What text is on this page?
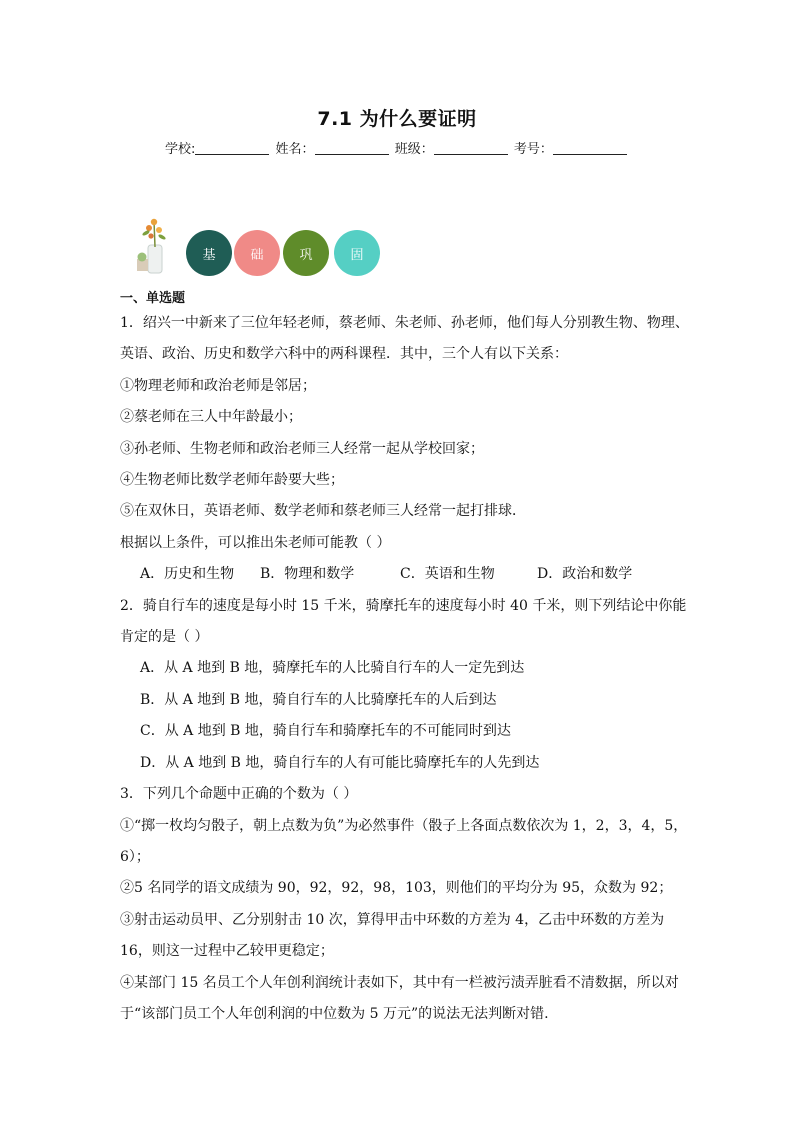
7.1 为什么要证明
学校:	姓名：	班级：	考号：
基	础	巩	固
一、单选题
1．绍兴一中新来了三位年轻老师，蔡老师、朱老师、孙老师，他们每人分别教生物、物理、
英语、政治、历史和数学六科中的两科课程．其中，三个人有以下关系：
①物理老师和政治老师是邻居；
②蔡老师在三人中年龄最小；
③孙老师、生物老师和政治老师三人经常一起从学校回家；
④生物老师比数学老师年龄要大些；
⑤在双休日，英语老师、数学老师和蔡老师三人经常一起打排球．
根据以上条件，可以推出朱老师可能教（ ）
A．历史和生物 B．物理和数学	C．英语和生物	D．政治和数学
2．骑自行车的速度是每小时 15 千米，骑摩托车的速度每小时 40 千米，则下列结论中你能
肯定的是（ ）
A．从 A 地到 B 地，骑摩托车的人比骑自行车的人一定先到达
B．从 A 地到 B 地，骑自行车的人比骑摩托车的人后到达
C．从 A 地到 B 地，骑自行车和骑摩托车的不可能同时到达
D．从 A 地到 B 地，骑自行车的人有可能比骑摩托车的人先到达
3．下列几个命题中正确的个数为（ ）
①“掷一枚均匀骰子，朝上点数为负”为必然事件（骰子上各面点数依次为 1，2，3，4，5，
6）；
②5 名同学的语文成绩为 90，92，92，98，103，则他们的平均分为 95，众数为 92；
③射击运动员甲、乙分别射击 10 次，算得甲击中环数的方差为 4，乙击中环数的方差为
16，则这一过程中乙较甲更稳定；
④某部门 15 名员工个人年创利润统计表如下，其中有一栏被污渍弄脏看不清数据，所以对
于“该部门员工个人年创利润的中位数为 5 万元”的说法无法判断对错.
